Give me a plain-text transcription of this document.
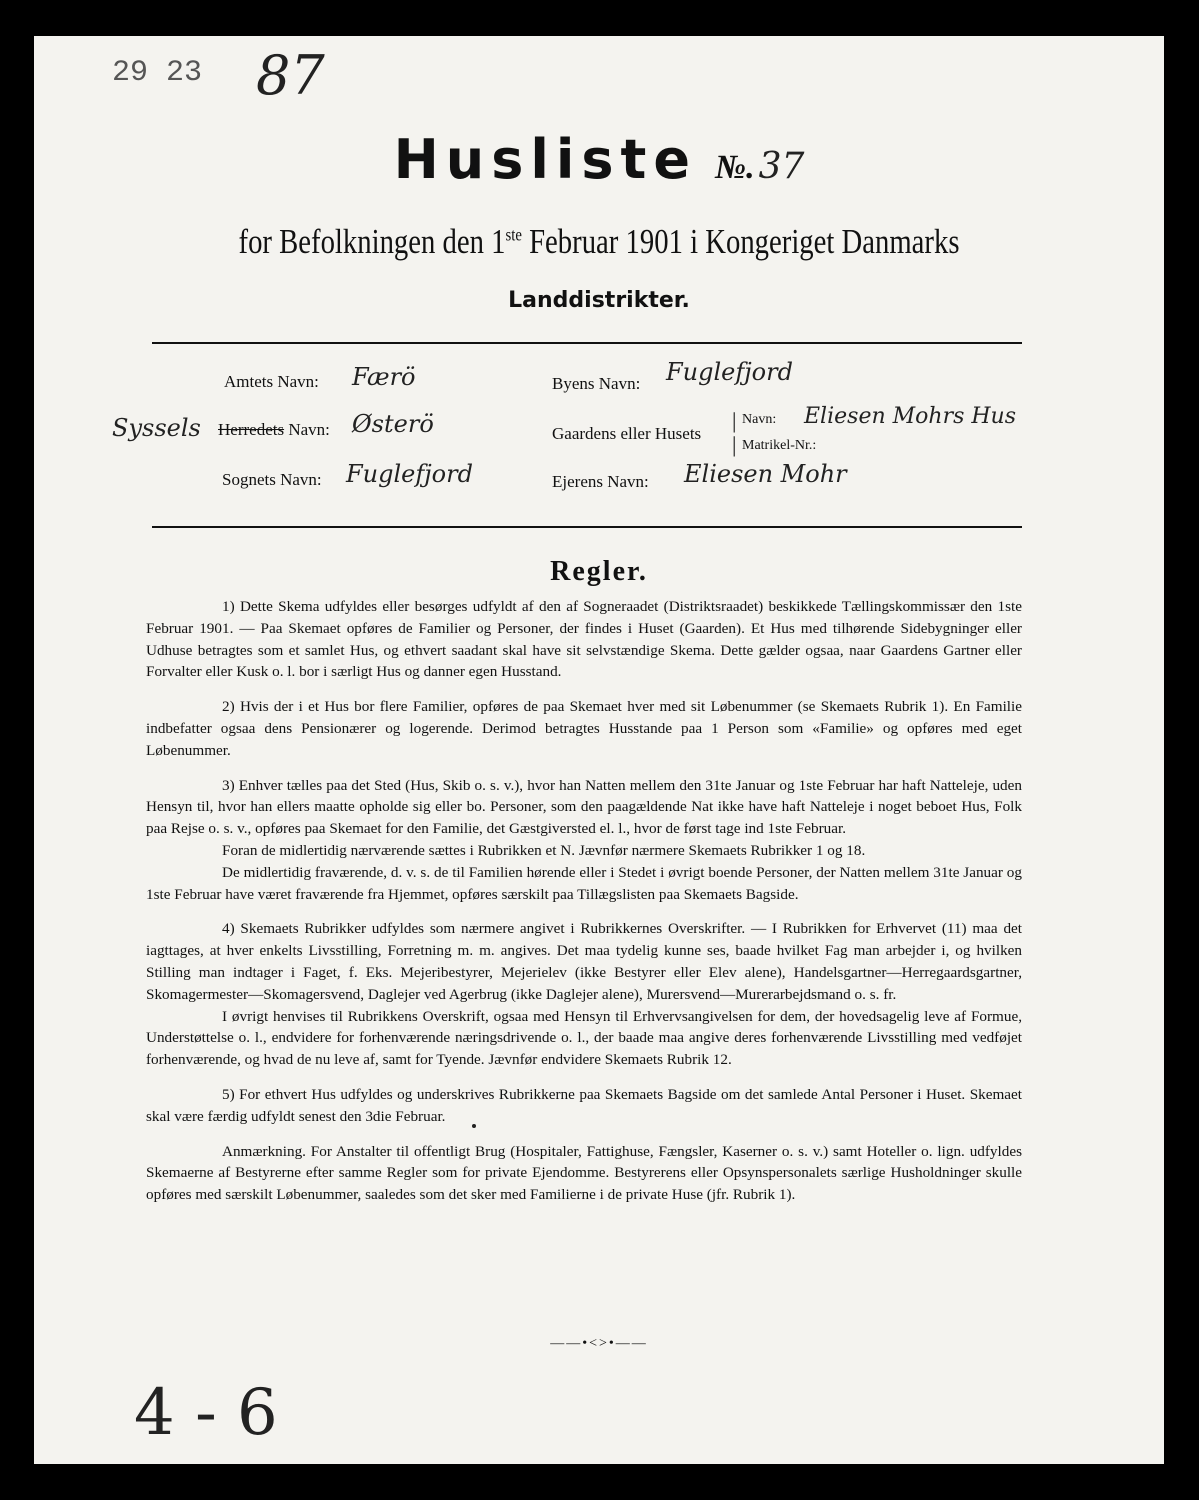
29 23 87
Husliste №. 37
for Befolkningen den 1ste Februar 1901 i Kongeriget Danmarks
Landdistrikter.
Amtets Navn: Færö
Syssels Herredets Navn: Østerö
Sognets Navn: Fuglefjord
Byens Navn: Fuglefjord
Gaardens eller Husets
|
|
Navn: Eliesen Mohrs Hus
Matrikel-Nr.:
Ejerens Navn: Eliesen Mohr
Regler.

1) Dette Skema udfyldes eller besørges udfyldt af den af Sogneraadet (Distriktsraadet) beskikkede Tællingskommissær den 1ste Februar 1901. — Paa Skemaet opføres de Familier og Personer, der findes i Huset (Gaarden). Et Hus med tilhørende Sidebygninger eller Udhuse betragtes som et samlet Hus, og ethvert saadant skal have sit selvstændige Skema. Dette gælder ogsaa, naar Gaardens Gartner eller Forvalter eller Kusk o. l. bor i særligt Hus og danner egen Husstand.

2) Hvis der i et Hus bor flere Familier, opføres de paa Skemaet hver med sit Løbenummer (se Skemaets Rubrik 1). En Familie indbefatter ogsaa dens Pensionærer og logerende. Derimod betragtes Husstande paa 1 Person som «Familie» og opføres med eget Løbenummer.

3) Enhver tælles paa det Sted (Hus, Skib o. s. v.), hvor han Natten mellem den 31te Januar og 1ste Februar har haft Natteleje, uden Hensyn til, hvor han ellers maatte opholde sig eller bo. Personer, som den paagældende Nat ikke have haft Natteleje i noget beboet Hus, Folk paa Rejse o. s. v., opføres paa Skemaet for den Familie, det Gæstgiversted el. l., hvor de først tage ind 1ste Februar.

Foran de midlertidig nærværende sættes i Rubrikken et N. Jævnfør nærmere Skemaets Rubrikker 1 og 18.

De midlertidig fraværende, d. v. s. de til Familien hørende eller i Stedet i øvrigt boende Personer, der Natten mellem 31te Januar og 1ste Februar have været fraværende fra Hjemmet, opføres særskilt paa Tillægslisten paa Skemaets Bagside.

4) Skemaets Rubrikker udfyldes som nærmere angivet i Rubrikkernes Overskrifter. — I Rubrikken for Erhvervet (11) maa det iagttages, at hver enkelts Livsstilling, Forretning m. m. angives. Det maa tydelig kunne ses, baade hvilket Fag man arbejder i, og hvilken Stilling man indtager i Faget, f. Eks. Mejeribestyrer, Mejerielev (ikke Bestyrer eller Elev alene), Handelsgartner—Herregaardsgartner, Skomagermester—Skomagersvend, Daglejer ved Agerbrug (ikke Daglejer alene), Murersvend—Murerarbejdsmand o. s. fr.

I øvrigt henvises til Rubrikkens Overskrift, ogsaa med Hensyn til Erhvervsangivelsen for dem, der hovedsagelig leve af Formue, Understøttelse o. l., endvidere for forhenværende næringsdrivende o. l., der baade maa angive deres forhenværende Livsstilling med vedføjet forhenværende, og hvad de nu leve af, samt for Tyende. Jævnfør endvidere Skemaets Rubrik 12.

5) For ethvert Hus udfyldes og underskrives Rubrikkerne paa Skemaets Bagside om det samlede Antal Personer i Huset. Skemaet skal være færdig udfyldt senest den 3die Februar.

Anmærkning. For Anstalter til offentligt Brug (Hospitaler, Fattighuse, Fængsler, Kaserner o. s. v.) samt Hoteller o. lign. udfyldes Skemaerne af Bestyrerne efter samme Regler som for private Ejendomme. Bestyrerens eller Opsynspersonalets særlige Husholdninger skulle opføres med særskilt Løbenummer, saaledes som det sker med Familierne i de private Huse (jfr. Rubrik 1).

——•<>•——
4 - 6
